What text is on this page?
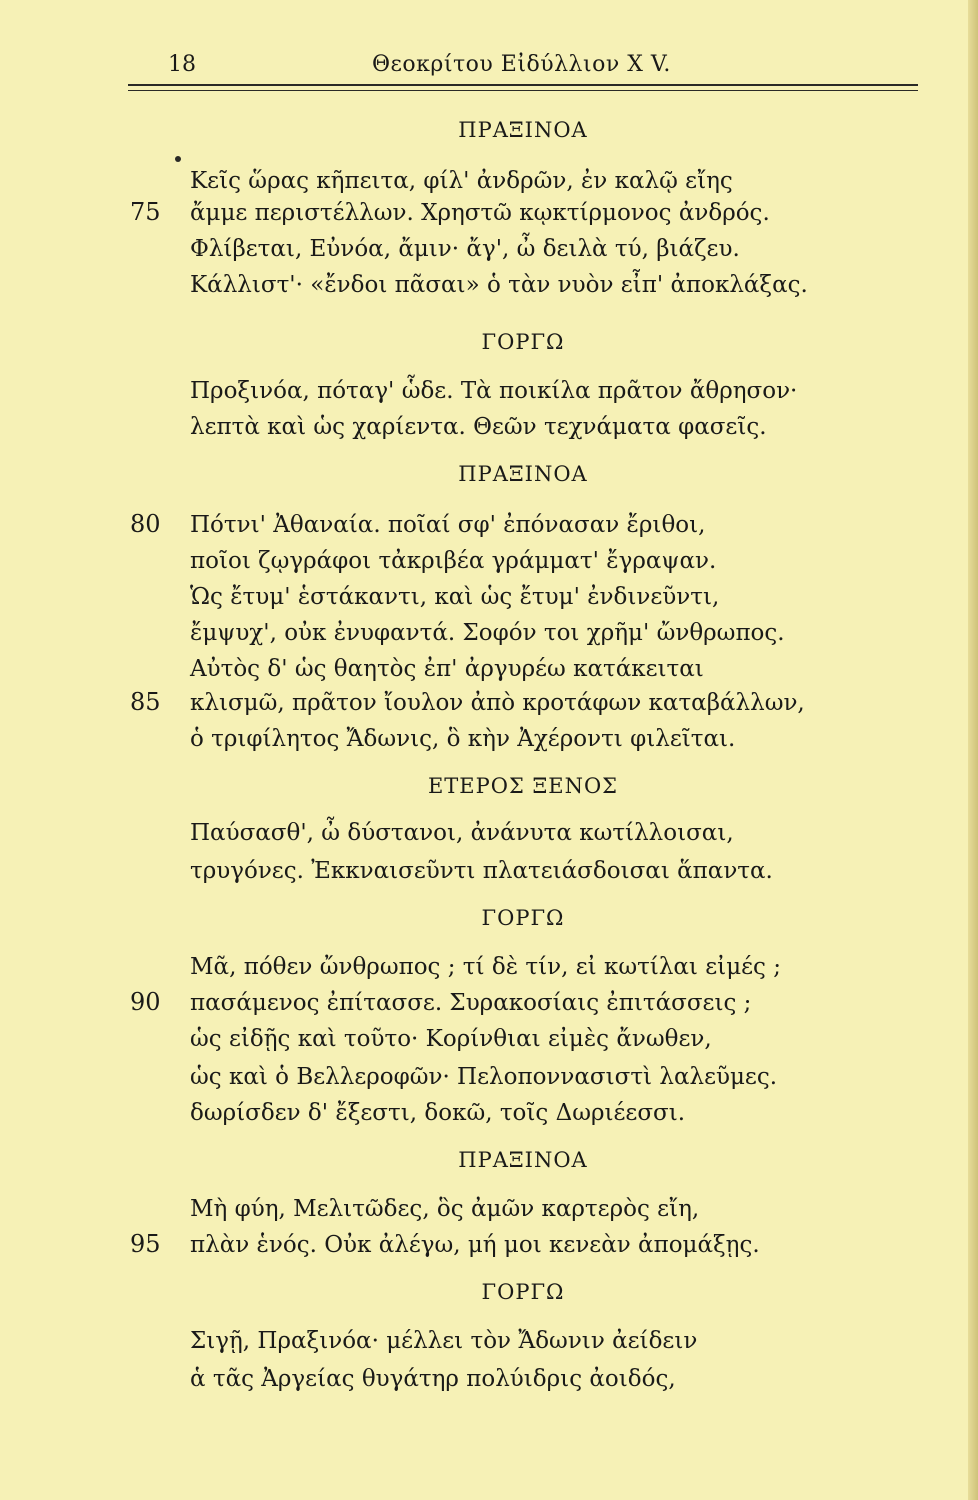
18	Θεοκρίτου Εἰδύλλιον Χ V.
ΠΡΑΞΙΝΟΑ
Κεῖς ὥρας κῆπειτα, φίλ' ἀνδρῶν, ἐν καλῷ εἴης
75 ἄμμε περιστέλλων. Χρηστῶ κῳκτίρμονος ἀνδρός.
Φλίβεται, Εὐνόα, ἄμιν· ἄγ', ὦ δειλὰ τύ, βιάζευ.
Κάλλιστ'· «ἔνδοι πᾶσαι» ὁ τὰν νυὸν εἶπ' ἀποκλάξας.
ΓΟΡΓΩ
Προξινόα, πόταγ' ὧδε. Τὰ ποικίλα πρᾶτον ἄθρησον·
λεπτὰ καὶ ὡς χαρίεντα. Θεῶν τεχνάματα φασεῖς.
ΠΡΑΞΙΝΟΑ
80 Πότνι' Ἀθαναία. ποῖαί σφ' ἐπόνασαν ἔριθοι,
ποῖοι ζῳγράφοι τἀκριβέα γράμματ' ἔγραψαν.
Ὡς ἔτυμ' ἑστάκαντι, καὶ ὡς ἔτυμ' ἐνδινεῦντι,
ἔμψυχ', οὐκ ἐνυφαντά. Σοφόν τοι χρῆμ' ὤνθρωπος.
Αὐτὸς δ' ὡς θαητὸς ἐπ' ἀργυρέω κατάκειται
85 κλισμῶ, πρᾶτον ἴουλον ἀπὸ κροτάφων καταβάλλων,
ὁ τριφίλητος Ἄδωνις, ὃ κὴν Ἀχέροντι φιλεῖται.
ΕΤΕΡΟΣ ΞΕΝΟΣ
Παύσασθ', ὦ δύστανοι, ἀνάνυτα κωτίλλοισαι,
τρυγόνες. Ἐκκναισεῦντι πλατειάσδοισαι ἅπαντα.
ΓΟΡΓΩ
Μᾶ, πόθεν ὤνθρωπος ; τί δὲ τίν, εἰ κωτίλαι εἰμές ;
90 πασάμενος ἐπίτασσε. Συρακοσίαις ἐπιτάσσεις ;
ὡς εἰδῇς καὶ τοῦτο· Κορίνθιαι εἰμὲς ἄνωθεν,
ὡς καὶ ὁ Βελλεροφῶν· Πελοποννασιστὶ λαλεῦμες.
δωρίσδεν δ' ἔξεστι, δοκῶ, τοῖς Δωριέεσσι.
ΠΡΑΞΙΝΟΑ
Μὴ φύη, Μελιτῶδες, ὃς ἀμῶν καρτερὸς εἴη,
95 πλὰν ἑνός. Οὐκ ἀλέγω, μή μοι κενεὰν ἀπομάξῃς.
ΓΟΡΓΩ
Σιγῇ, Πραξινόα· μέλλει τὸν Ἄδωνιν ἀείδειν
ἁ τᾶς Ἀργείας θυγάτηρ πολύιδρις ἀοιδός,
